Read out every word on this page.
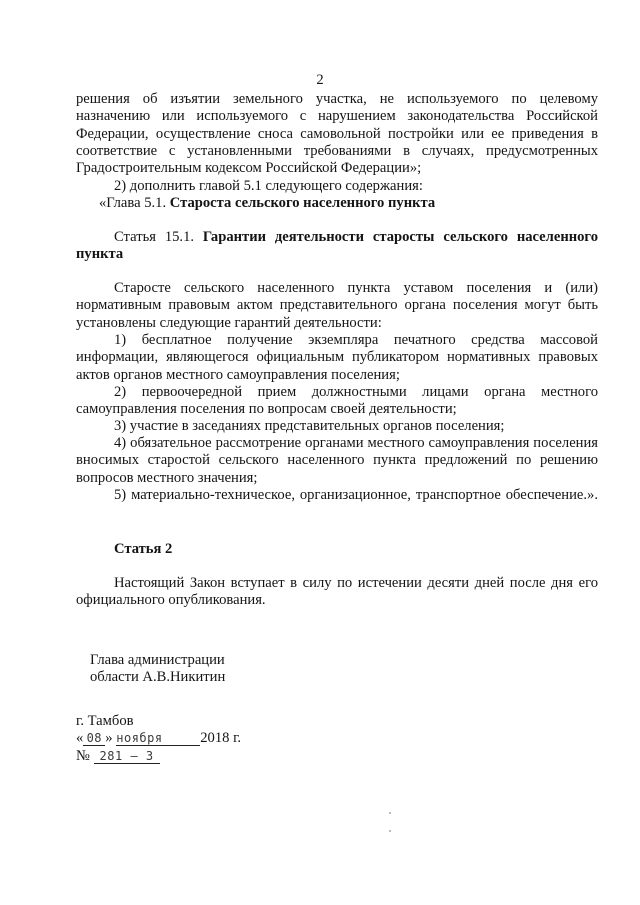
2
решения об изъятии земельного участка, не используемого по целевому назначению или используемого с нарушением законодательства Российской Федерации, осуществление сноса самовольной постройки или ее приведения в соответствие с установленными требованиями в случаях, предусмотренных Градостроительным кодексом Российской Федерации»;
2) дополнить главой 5.1 следующего содержания:
«Глава 5.1. Староста сельского населенного пункта
Статья 15.1. Гарантии деятельности старосты сельского населенного пункта
Старосте сельского населенного пункта уставом поселения и (или) нормативным правовым актом представительного органа поселения могут быть установлены следующие гарантий деятельности:
1) бесплатное получение экземпляра печатного средства массовой информации, являющегося официальным публикатором нормативных правовых актов органов местного самоуправления поселения;
2) первоочередной прием должностными лицами органа местного самоуправления поселения по вопросам своей деятельности;
3) участие в заседаниях представительных органов поселения;
4) обязательное рассмотрение органами местного самоуправления поселения вносимых старостой сельского населенного пункта предложений по решению вопросов местного значения;
5) материально-техническое, организационное, транспортное обеспечение.».
Статья 2
Настоящий Закон вступает в силу по истечении десяти дней после дня его официального опубликования.
Глава администрации
области А.В.Никитин
г. Тамбов
« 08 » ноября	2018 г.
№ 281 – З
